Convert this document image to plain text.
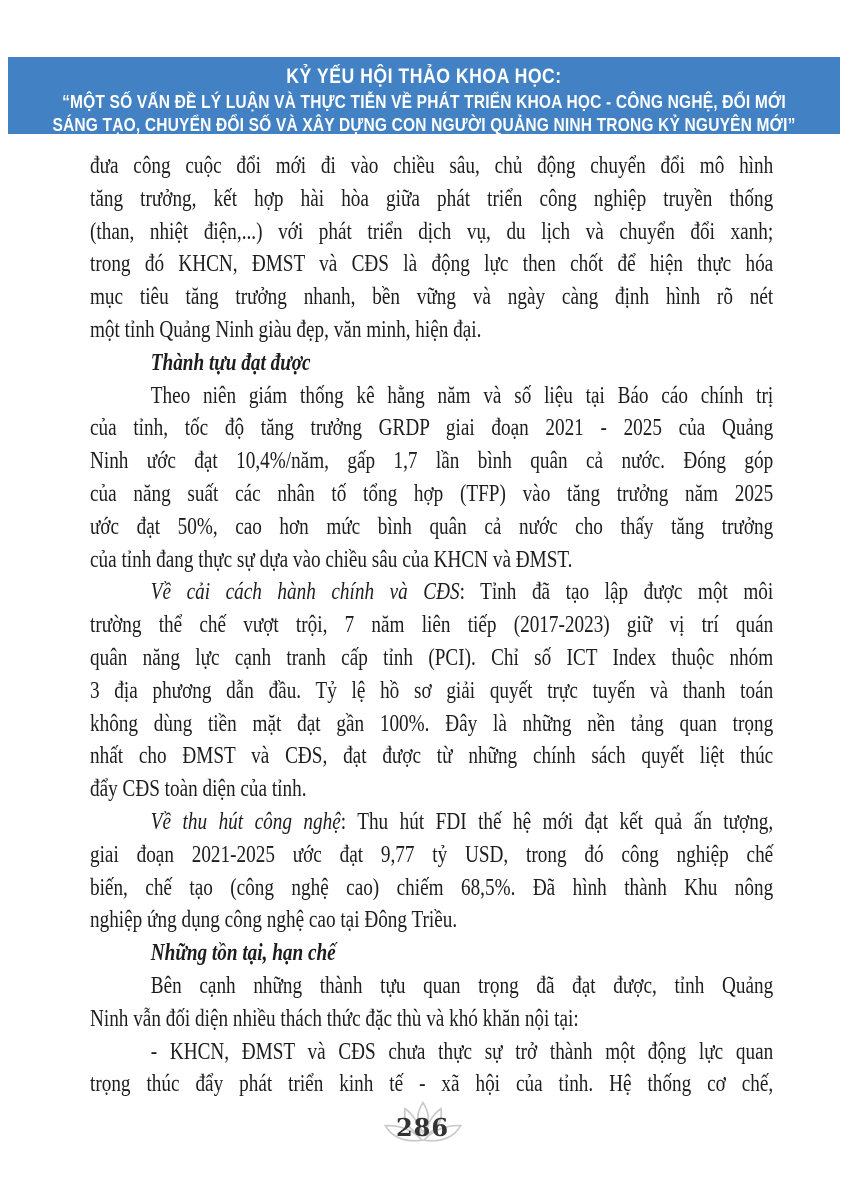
KỶ YẾU HỘI THẢO KHOA HỌC:
“MỘT SỐ VẤN ĐỀ LÝ LUẬN VÀ THỰC TIỄN VỀ PHÁT TRIỂN KHOA HỌC - CÔNG NGHỆ, ĐỔI MỚI
SÁNG TẠO, CHUYỂN ĐỔI SỐ VÀ XÂY DỰNG CON NGƯỜI QUẢNG NINH TRONG KỶ NGUYÊN MỚI”
đưa công cuộc đổi mới đi vào chiều sâu, chủ động chuyển đổi mô hình
tăng trưởng, kết hợp hài hòa giữa phát triển công nghiệp truyền thống
(than, nhiệt điện,...) với phát triển dịch vụ, du lịch và chuyển đổi xanh;
trong đó KHCN, ĐMST và CĐS là động lực then chốt để hiện thực hóa
mục tiêu tăng trưởng nhanh, bền vững và ngày càng định hình rõ nét
một tỉnh Quảng Ninh giàu đẹp, văn minh, hiện đại.
Thành tựu đạt được
Theo niên giám thống kê hằng năm và số liệu tại Báo cáo chính trị
của tỉnh, tốc độ tăng trưởng GRDP giai đoạn 2021 - 2025 của Quảng
Ninh ước đạt 10,4%/năm, gấp 1,7 lần bình quân cả nước. Đóng góp
của năng suất các nhân tố tổng hợp (TFP) vào tăng trưởng năm 2025
ước đạt 50%, cao hơn mức bình quân cả nước cho thấy tăng trưởng
của tỉnh đang thực sự dựa vào chiều sâu của KHCN và ĐMST.
Về cải cách hành chính và CĐS: Tỉnh đã tạo lập được một môi
trường thể chế vượt trội, 7 năm liên tiếp (2017-2023) giữ vị trí quán
quân năng lực cạnh tranh cấp tỉnh (PCI). Chỉ số ICT Index thuộc nhóm
3 địa phương dẫn đầu. Tỷ lệ hồ sơ giải quyết trực tuyến và thanh toán
không dùng tiền mặt đạt gần 100%. Đây là những nền tảng quan trọng
nhất cho ĐMST và CĐS, đạt được từ những chính sách quyết liệt thúc
đẩy CĐS toàn diện của tỉnh.
Về thu hút công nghệ: Thu hút FDI thế hệ mới đạt kết quả ấn tượng,
giai đoạn 2021-2025 ước đạt 9,77 tỷ USD, trong đó công nghiệp chế
biến, chế tạo (công nghệ cao) chiếm 68,5%. Đã hình thành Khu nông
nghiệp ứng dụng công nghệ cao tại Đông Triều.
Những tồn tại, hạn chế
Bên cạnh những thành tựu quan trọng đã đạt được, tỉnh Quảng
Ninh vẫn đối diện nhiều thách thức đặc thù và khó khăn nội tại:
- KHCN, ĐMST và CĐS chưa thực sự trở thành một động lực quan
trọng thúc đẩy phát triển kinh tế - xã hội của tỉnh. Hệ thống cơ chế,
286
